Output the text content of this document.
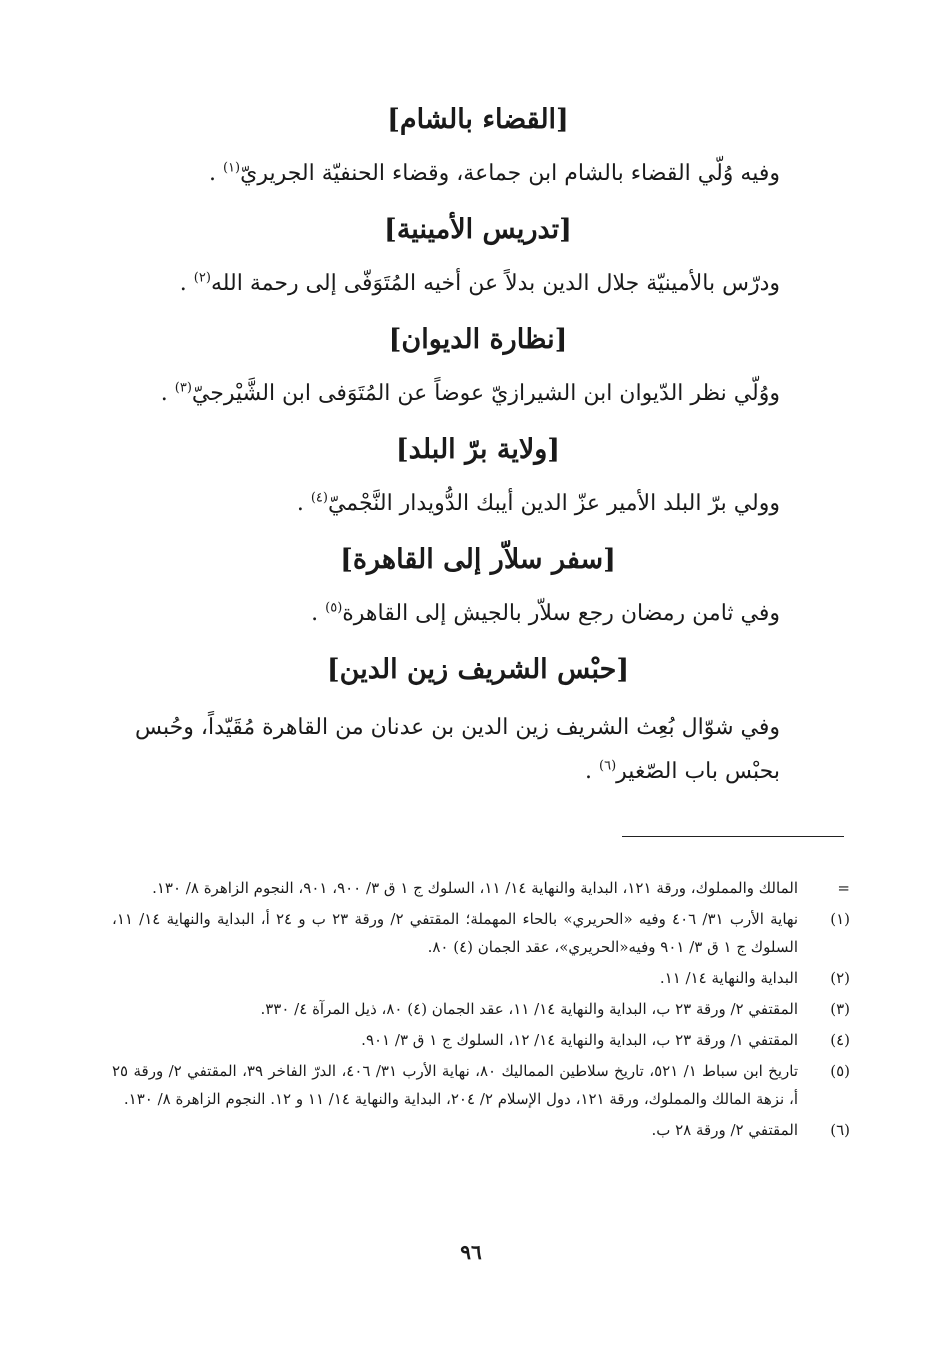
[القضاء بالشام]
وفيه وُلّي القضاء بالشام ابن جماعة، وقضاء الحنفيّة الجريريّ$^{(١)}$ .
[تدريس الأمينية]
ودرّس بالأمينيّة جلال الدين بدلاً عن أخيه المُتَوَفّى إلى رحمة الله$^{(٢)}$ .
[نظارة الديوان]
ووُلّي نظر الدّيوان ابن الشيرازيّ عوضاً عن المُتَوَفى ابن الشَّيْرجيّ$^{(٣)}$ .
[ولاية برّ البلد]
وولي برّ البلد الأمير عزّ الدين أيبك الدُّويدار النَّجْميّ$^{(٤)}$ .
[سفر سلاّر إلى القاهرة]
وفي ثامن رمضان رجع سلاّر بالجيش إلى القاهرة$^{(٥)}$ .
[حبْس الشريف زين الدين]
وفي شوّال بُعِث الشريف زين الدين بن عدنان من القاهرة مُقَيّداً، وحُبس بحبْس باب الصّغير$^{(٦)}$ .
=
المالك والمملوك، ورقة ١٢١، البداية والنهاية ١٤/ ١١، السلوك ج ١ ق ٣/ ٩٠٠، ٩٠١، النجوم الزاهرة ٨/ ١٣٠.
(١)
نهاية الأرب ٣١/ ٤٠٦ وفيه «الحريري» بالحاء المهملة؛ المقتفي ٢/ ورقة ٢٣ ب و ٢٤ أ، البداية والنهاية ١٤/ ١١، السلوك ج ١ ق ٣/ ٩٠١ وفيه«الحريري»، عقد الجمان (٤) ٨٠.
(٢)
البداية والنهاية ١٤/ ١١.
(٣)
المقتفي ٢/ ورقة ٢٣ ب، البداية والنهاية ١٤/ ١١، عقد الجمان (٤) ٨٠، ذيل المرآة ٤/ ٣٣٠.
(٤)
المقتفي ١/ ورقة ٢٣ ب، البداية والنهاية ١٤/ ١٢، السلوك ج ١ ق ٣/ ٩٠١.
(٥)
تاريخ ابن سباط ١/ ٥٢١، تاريخ سلاطين المماليك ٨٠، نهاية الأرب ٣١/ ٤٠٦، الدرّ الفاخر ٣٩، المقتفي ٢/ ورقة ٢٥ أ، نزهة المالك والمملوك، ورقة ١٢١، دول الإسلام ٢/ ٢٠٤، البداية والنهاية ١٤/ ١١ و ١٢. النجوم الزاهرة ٨/ ١٣٠.
(٦)
المقتفي ٢/ ورقة ٢٨ ب.
٩٦
